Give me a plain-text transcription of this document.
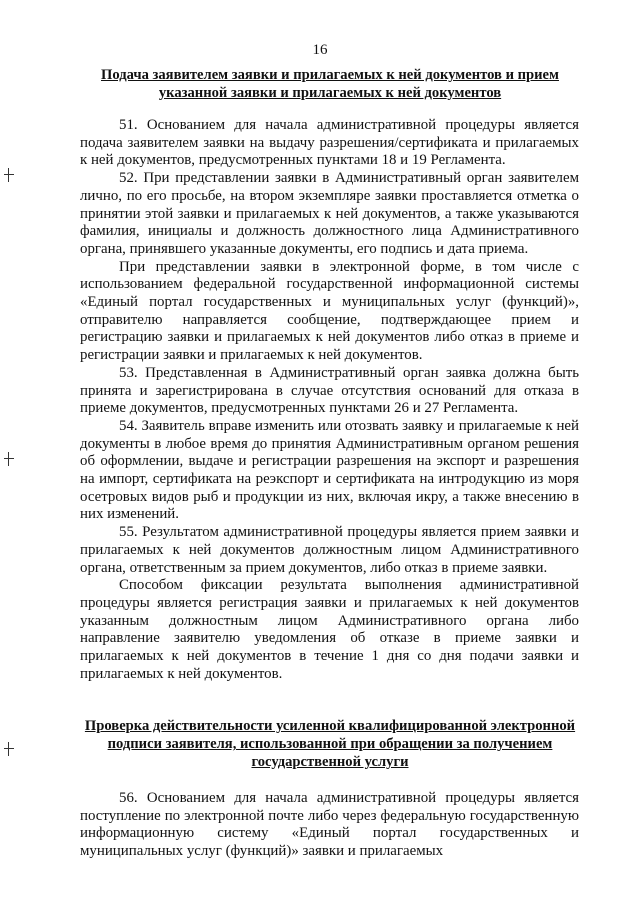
16
Подача заявителем заявки и прилагаемых к ней документов и прием указанной заявки и прилагаемых к ней документов

51. Основанием для начала административной процедуры является подача заявителем заявки на выдачу разрешения/сертификата и прилагаемых к ней документов, предусмотренных пунктами 18 и 19 Регламента.

52. При представлении заявки в Административный орган заявителем лично, по его просьбе, на втором экземпляре заявки проставляется отметка о принятии этой заявки и прилагаемых к ней документов, а также указываются фамилия, инициалы и должность должностного лица Административного органа, принявшего указанные документы, его подпись и дата приема.

При представлении заявки в электронной форме, в том числе с использованием федеральной государственной информационной системы «Единый портал государственных и муниципальных услуг (функций)», отправителю направляется сообщение, подтверждающее прием и регистрацию заявки и прилагаемых к ней документов либо отказ в приеме и регистрации заявки и прилагаемых к ней документов.

53. Представленная в Административный орган заявка должна быть принята и зарегистрирована в случае отсутствия оснований для отказа в приеме документов, предусмотренных пунктами 26 и 27 Регламента.

54. Заявитель вправе изменить или отозвать заявку и прилагаемые к ней документы в любое время до принятия Административным органом решения об оформлении, выдаче и регистрации разрешения на экспорт и разрешения на импорт, сертификата на реэкспорт и сертификата на интродукцию из моря осетровых видов рыб и продукции из них, включая икру, а также внесению в них изменений.

55. Результатом административной процедуры является прием заявки и прилагаемых к ней документов должностным лицом Административного органа, ответственным за прием документов, либо отказ в приеме заявки.

Способом фиксации результата выполнения административной процедуры является регистрация заявки и прилагаемых к ней документов указанным должностным лицом Административного органа либо направление заявителю уведомления об отказе в приеме заявки и прилагаемых к ней документов в течение 1 дня со дня подачи заявки и прилагаемых к ней документов.

Проверка действительности усиленной квалифицированной электронной подписи заявителя, использованной при обращении за получением государственной услуги

56. Основанием для начала административной процедуры является поступление по электронной почте либо через федеральную государственную информационную систему «Единый портал государственных и муниципальных услуг (функций)» заявки и прилагаемых
